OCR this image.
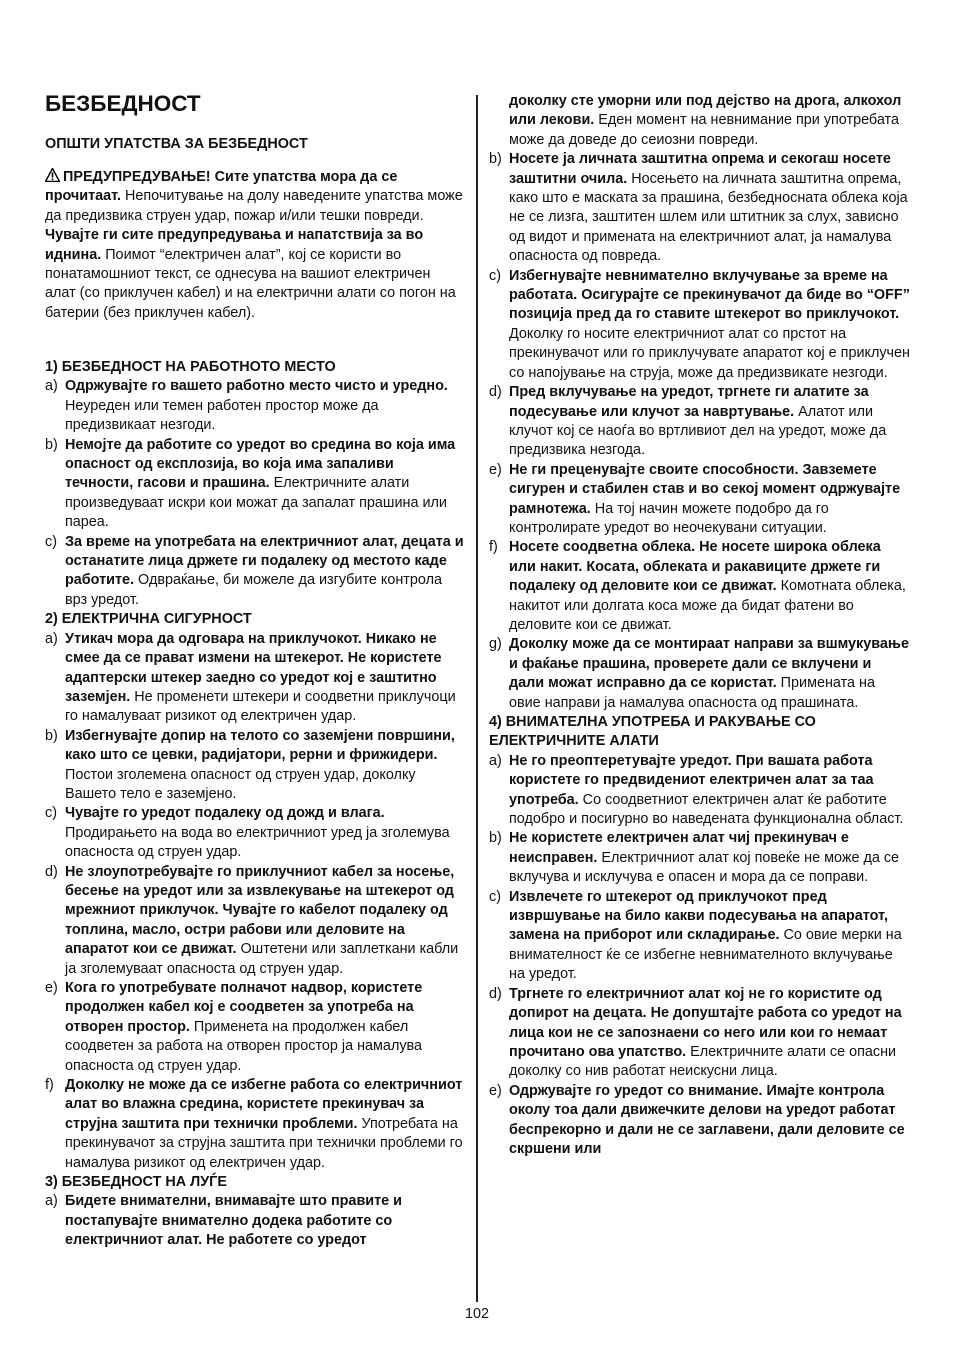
БЕЗБЕДНОСТ

ОПШТИ УПАТСТВА ЗА БЕЗБЕДНОСТ

ПРЕДУПРЕДУВАЊЕ! Сите упатства мора да се прочитаат. Непочитување на долу наведените упатства може да предизвика струен удар, пожар и/или тешки повреди. Чувајте ги сите предупредувања и напатствија за во иднина. Поимот “електричен алат”, кој се користи во понатамошниот текст, се однесува на вашиот електричен алат (со приклучен кабел) и на електрични алати со погон на батерии (без приклучен кабел).

1) БЕЗБЕДНОСТ НА РАБОТНОТО МЕСТО

a) Одржувајте го вашето работно место чисто и уредно. Неуреден или темен работен простор може да предизвикаат незгоди.

b) Немојте да работите со уредот во средина во која има опасност од експлозија, во која има запаливи течности, гасови и прашина. Електричните алати произведуваат искри кои можат да запалат прашина или пареа.

c) За време на употребата на електричниот алат, децата и останатите лица држете ги подалеку од местото каде работите. Одвраќање, би можеле да изгубите контрола врз уредот.

2) ЕЛЕКТРИЧНА СИГУРНОСТ

a) Утикач мора да одговара на приклучокот. Никако не смее да се прават измени на штекерот. Не користете адаптерски штекер заедно со уредот кој е заштитно заземјен. Не променети штекери и соодветни приклучоци го намалуваат ризикот од електричен удар.

b) Избегнувајте допир на телото со заземјени површини, како што се цевки, радијатори, рерни и фрижидери. Постои зголемена опасност од струен удар, доколку Вашето тело е заземјено.

c) Чувајте го уредот подалеку од дожд и влага. Продирањето на вода во електричниот уред ја зголемува опасноста од струен удар.

d) Не злоупотребувајте го приклучниот кабел за носење, бесење на уредот или за извлекување на штекерот од мрежниот приклучок. Чувајте го кабелот подалеку од топлина, масло, остри рабови или деловите на апаратот кои се движат. Оштетени или заплеткани кабли ја зголемуваат опасноста од струен удар.

e) Кога го употребувате полначот надвор, користете продолжен кабел кој е соодветен за употреба на отворен простор. Применета на продолжен кабел соодветен за работа на отворен простор ја намалува опасноста од струен удар.

f) Доколку не може да се избегне работа со електричниот алат во влажна средина, користете прекинувач за струјна заштита при технички проблеми. Употребата на прекинувачот за струјна заштита при технички проблеми го намалува ризикот од електричен удар.

3) БЕЗБЕДНОСТ НА ЛУЃЕ

a) Бидете внимателни, внимавајте што правите и постапувајте внимателно додека работите со електричниот алат. Не работете со уредот

доколку сте уморни или под дејство на дрога, алкохол или лекови. Еден момент на невнимание при употребата може да доведе до сеиозни повреди.

b) Носете ја личната заштитна опрема и секогаш носете заштитни очила. Носењето на личната заштитна опрема, како што е маската за прашина, безбедносната облека која не се лизга, заштитен шлем или штитник за слух, зависно од видот и примената на електричниот алат, ја намалува опасноста од повреда.

c) Избегнувајте невнимателно вклучување за време на работата. Осигурајте се прекинувачот да биде во “OFF” позиција пред да го ставите штекерот во приклучокот. Доколку го носите електричниот алат со прстот на прекинувачот или го приклучувате апаратот кој е приклучен со напојување на струја, може да предизвикате незгоди.

d) Пред вклучување на уредот, тргнете ги алатите за подесување или клучот за навртување. Алатот или клучот кој се наоѓа во вртливиот дел на уредот, може да предизвика незгода.

e) Не ги преценувајте своите способности. Завземете сигурен и стабилен став и во секој момент одржувајте рамнотежа. На тој начин можете подобро да го контролирате уредот во неочекувани ситуации.

f) Носете соодветна облека. Не носете широка облека или накит. Косата, облеката и ракавиците држете ги подалеку од деловите кои се движат. Комотната облека, накитот или долгата коса може да бидат фатени во деловите кои се движат.

g) Доколку може да се монтираат направи за вшмукување и фаќање прашина, проверете дали се вклучени и дали можат исправно да се користат. Примената на овие направи ја намалува опасноста од прашината.

4) ВНИМАТЕЛНА УПОТРЕБА И РАКУВАЊЕ СО ЕЛЕКТРИЧНИТЕ АЛАТИ

a) Не го преоптеретувајте уредот. При вашата работа користете го предвидениот електричен алат за таа употреба. Со соодветниот електричен алат ќе работите подобро и посигурно во наведената функционална област.

b) Не користете електричен алат чиј прекинувач е неисправен. Електричниот алат кој повеќе не може да се вклучува и исклучува е опасен и мора да се поправи.

c) Извлечете го штекерот од приклучокот пред извршување на било какви подесувања на апаратот, замена на приборот или складирање. Со овие мерки на внимателност ќе се избегне невнимателното вклучување на уредот.

d) Тргнете го електричниот алат кој не го користите од допирот на децата. Не допуштајте работа со уредот на лица кои не се запознаени со него или кои го немаат прочитано ова упатство. Електричните алати се опасни доколку со нив работат неискусни лица.

e) Одржувајте го уредот со внимание. Имајте контрола околу тоа дали движечките делови на уредот работат беспрекорно и дали не се заглавени, дали деловите се скршени или

102
